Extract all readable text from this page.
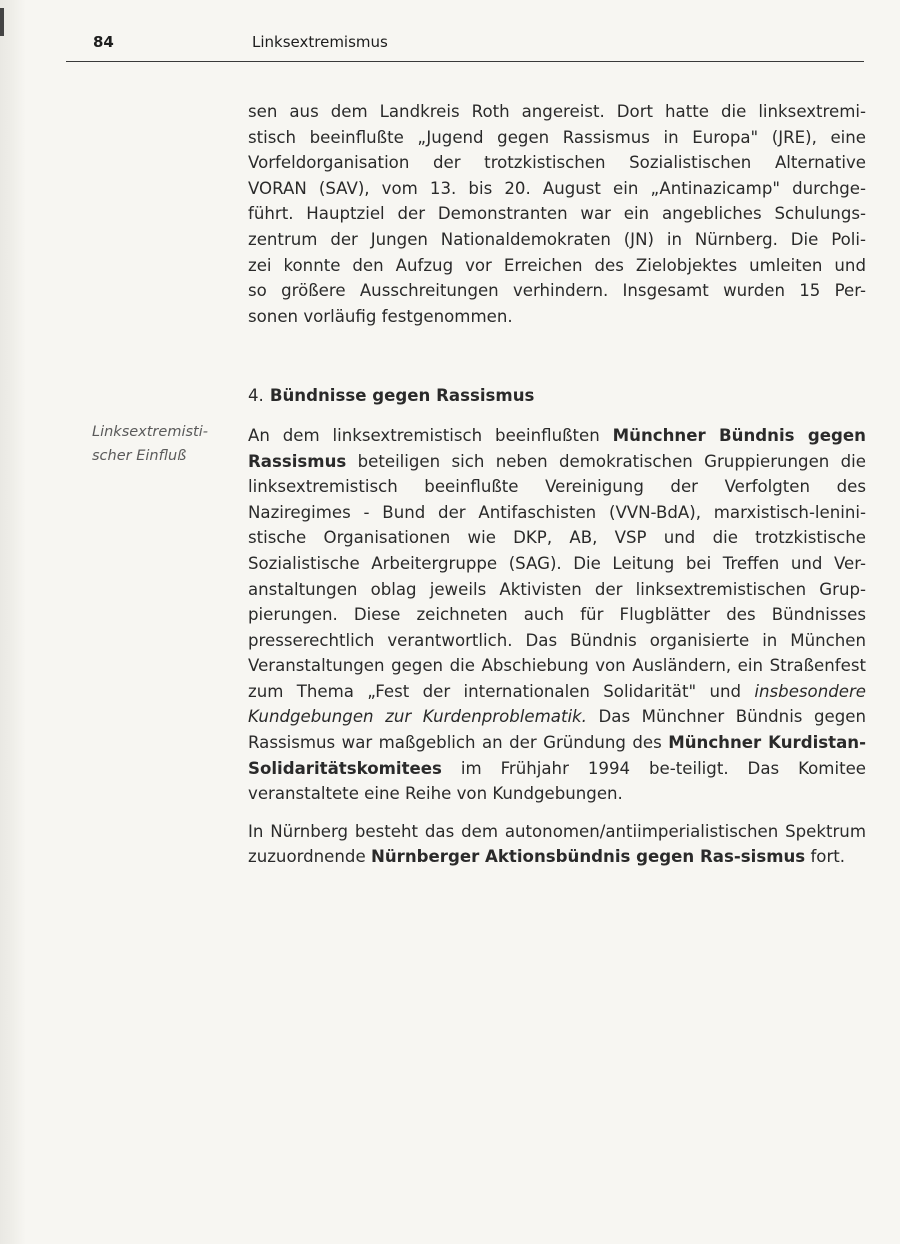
84	Linksextremismus
Linksextremisti-
scher Einfluß

sen aus dem Landkreis Roth angereist. Dort hatte die linksextremi-
stisch beeinflußte „Jugend gegen Rassismus in Europa" (JRE), eine
Vorfeldorganisation der trotzkistischen Sozialistischen Alternative
VORAN (SAV), vom 13. bis 20. August ein „Antinazicamp" durchge-
führt. Hauptziel der Demonstranten war ein angebliches Schulungs-
zentrum der Jungen Nationaldemokraten (JN) in Nürnberg. Die Poli-
zei konnte den Aufzug vor Erreichen des Zielobjektes umleiten und
so größere Ausschreitungen verhindern. Insgesamt wurden 15 Per-
sonen vorläufig festgenommen.

4. Bündnisse gegen Rassismus

An dem linksextremistisch beeinflußten Münchner Bündnis gegen Rassismus beteiligen sich neben demokratischen Gruppierungen die linksextremistisch beeinflußte Vereinigung der Verfolgten des Naziregimes - Bund der Antifaschisten (VVN-BdA), marxistisch-lenini-stische Organisationen wie DKP, AB, VSP und die trotzkistische Sozialistische Arbeitergruppe (SAG). Die Leitung bei Treffen und Ver-anstaltungen oblag jeweils Aktivisten der linksextremistischen Grup-pierungen. Diese zeichneten auch für Flugblätter des Bündnisses presserechtlich verantwortlich. Das Bündnis organisierte in München Veranstaltungen gegen die Abschiebung von Ausländern, ein Straßenfest zum Thema „Fest der internationalen Solidarität" und insbesondere Kundgebungen zur Kurdenproblematik. Das Münchner Bündnis gegen Rassismus war maßgeblich an der Gründung des Münchner Kurdistan-Solidaritätskomitees im Frühjahr 1994 be-teiligt. Das Komitee veranstaltete eine Reihe von Kundgebungen.

In Nürnberg besteht das dem autonomen/antiimperialistischen Spektrum zuzuordnende Nürnberger Aktionsbündnis gegen Ras-sismus fort.
